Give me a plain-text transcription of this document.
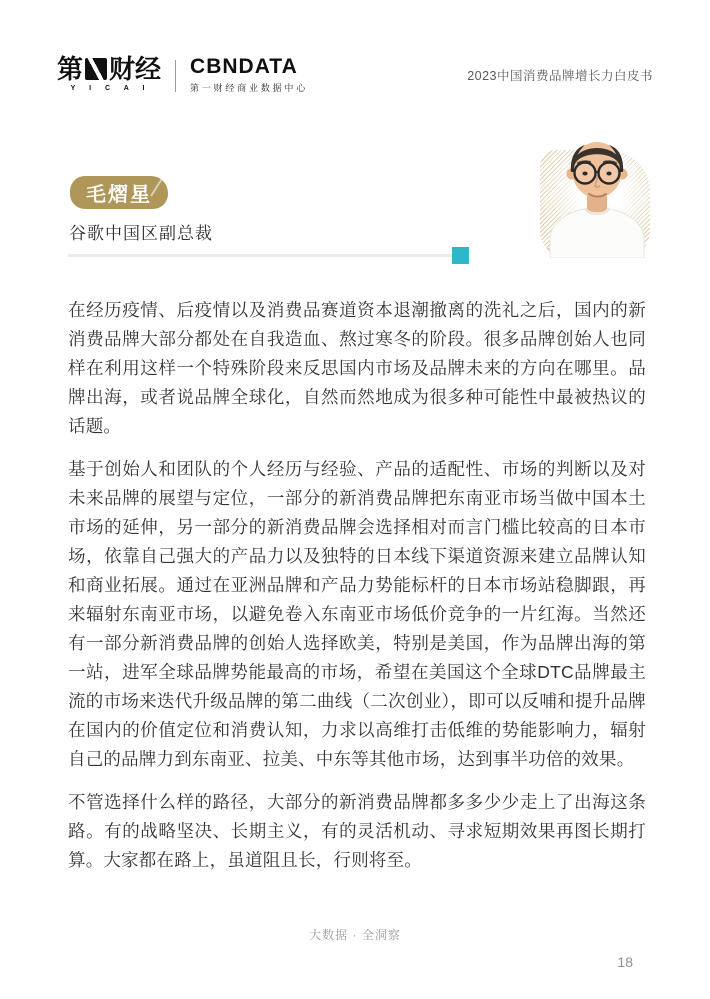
第 财经
Y I C A I
CBNDATA
第一财经商业数据中心
2023中国消费品牌增长力白皮书
毛熠星
谷歌中国区副总裁

在经历疫情、后疫情以及消费品赛道资本退潮撤离的洗礼之后，国内的新消费品牌大部分都处在自我造血、熬过寒冬的阶段。很多品牌创始人也同样在利用这样一个特殊阶段来反思国内市场及品牌未来的方向在哪里。品牌出海，或者说品牌全球化，自然而然地成为很多种可能性中最被热议的话题。

基于创始人和团队的个人经历与经验、产品的适配性、市场的判断以及对未来品牌的展望与定位，一部分的新消费品牌把东南亚市场当做中国本土市场的延伸，另一部分的新消费品牌会选择相对而言门槛比较高的日本市场，依靠自己强大的产品力以及独特的日本线下渠道资源来建立品牌认知和商业拓展。通过在亚洲品牌和产品力势能标杆的日本市场站稳脚跟，再来辐射东南亚市场，以避免卷入东南亚市场低价竞争的一片红海。当然还有一部分新消费品牌的创始人选择欧美，特别是美国，作为品牌出海的第一站，进军全球品牌势能最高的市场，希望在美国这个全球DTC品牌最主流的市场来迭代升级品牌的第二曲线（二次创业），即可以反哺和提升品牌在国内的价值定位和消费认知，力求以高维打击低维的势能影响力，辐射自己的品牌力到东南亚、拉美、中东等其他市场，达到事半功倍的效果。

不管选择什么样的路径，大部分的新消费品牌都多多少少走上了出海这条路。有的战略坚决、长期主义，有的灵活机动、寻求短期效果再图长期打算。大家都在路上，虽道阻且长，行则将至。

大数据 · 全洞察
18
